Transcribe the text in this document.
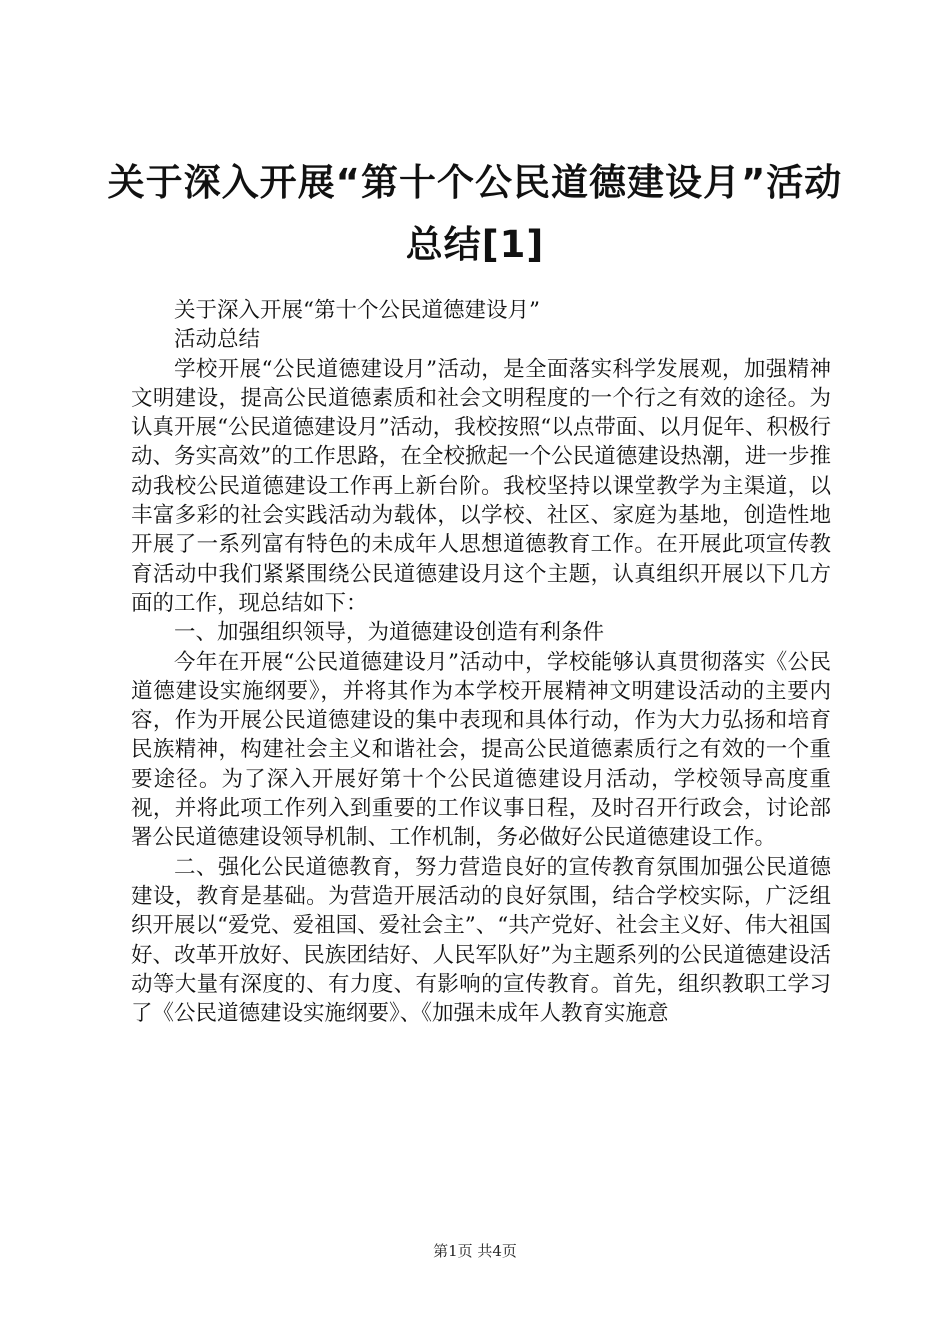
关于深入开展“第十个公民道德建设月”活动
总结[1]

关于深入开展“第十个公民道德建设月”

活动总结

学校开展“公民道德建设月”活动，是全面落实科学发展观，加强精神文明建设，提高公民道德素质和社会文明程度的一个行之有效的途径。为认真开展“公民道德建设月”活动，我校按照“以点带面、以月促年、积极行动、务实高效”的工作思路，在全校掀起一个公民道德建设热潮，进一步推动我校公民道德建设工作再上新台阶。我校坚持以课堂教学为主渠道，以丰富多彩的社会实践活动为载体，以学校、社区、家庭为基地，创造性地开展了一系列富有特色的未成年人思想道德教育工作。在开展此项宣传教育活动中我们紧紧围绕公民道德建设月这个主题，认真组织开展以下几方面的工作，现总结如下：

一、加强组织领导，为道德建设创造有利条件

今年在开展“公民道德建设月”活动中，学校能够认真贯彻落实《公民道德建设实施纲要》，并将其作为本学校开展精神文明建设活动的主要内容，作为开展公民道德建设的集中表现和具体行动，作为大力弘扬和培育民族精神，构建社会主义和谐社会，提高公民道德素质行之有效的一个重要途径。为了深入开展好第十个公民道德建设月活动，学校领导高度重视，并将此项工作列入到重要的工作议事日程，及时召开行政会，讨论部署公民道德建设领导机制、工作机制，务必做好公民道德建设工作。

二、强化公民道德教育，努力营造良好的宣传教育氛围加强公民道德建设，教育是基础。为营造开展活动的良好氛围，结合学校实际，广泛组织开展以“爱党、爱祖国、爱社会主”、“共产党好、社会主义好、伟大祖国好、改革开放好、民族团结好、人民军队好”为主题系列的公民道德建设活动等大量有深度的、有力度、有影响的宣传教育。首先，组织教职工学习了《公民道德建设实施纲要》、《加强未成年人教育实施意

第1页 共4页
